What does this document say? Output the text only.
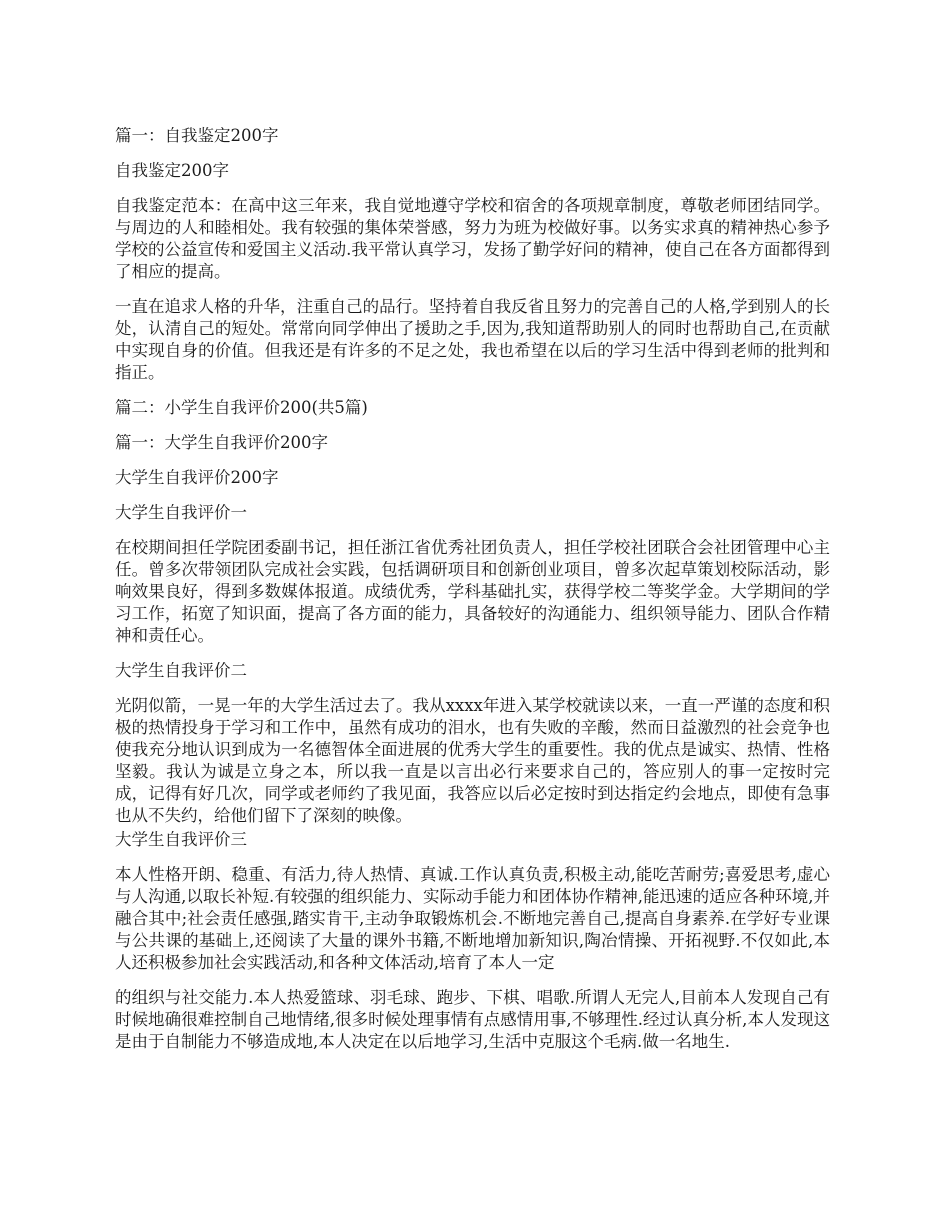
篇一：自我鉴定200字

自我鉴定200字

自我鉴定范本：在高中这三年来，我自觉地遵守学校和宿舍的各项规章制度，尊敬老师团结同学。与周边的人和睦相处。我有较强的集体荣誉感，努力为班为校做好事。以务实求真的精神热心参予学校的公益宣传和爱国主义活动.我平常认真学习，发扬了勤学好问的精神，使自己在各方面都得到了相应的提高。

一直在追求人格的升华，注重自己的品行。坚持着自我反省且努力的完善自己的人格,学到别人的长处，认清自己的短处。常常向同学伸出了援助之手,因为,我知道帮助别人的同时也帮助自己,在贡献中实现自身的价值。但我还是有许多的不足之处，我也希望在以后的学习生活中得到老师的批判和指正。

篇二：小学生自我评价200(共5篇)

篇一：大学生自我评价200字

大学生自我评价200字

大学生自我评价一

在校期间担任学院团委副书记，担任浙江省优秀社团负责人，担任学校社团联合会社团管理中心主任。曾多次带领团队完成社会实践，包括调研项目和创新创业项目，曾多次起草策划校际活动，影响效果良好，得到多数媒体报道。成绩优秀，学科基础扎实，获得学校二等奖学金。大学期间的学习工作，拓宽了知识面，提高了各方面的能力，具备较好的沟通能力、组织领导能力、团队合作精神和责任心。

大学生自我评价二

光阴似箭，一晃一年的大学生活过去了。我从xxxx年进入某学校就读以来，一直一严谨的态度和积极的热情投身于学习和工作中，虽然有成功的泪水，也有失败的辛酸，然而日益激烈的社会竞争也使我充分地认识到成为一名德智体全面进展的优秀大学生的重要性。我的优点是诚实、热情、性格坚毅。我认为诚是立身之本，所以我一直是以言出必行来要求自己的，答应别人的事一定按时完成，记得有好几次，同学或老师约了我见面，我答应以后必定按时到达指定约会地点，即使有急事也从不失约，给他们留下了深刻的映像。

大学生自我评价三

本人性格开朗、稳重、有活力,待人热情、真诚.工作认真负责,积极主动,能吃苦耐劳;喜爱思考,虚心与人沟通,以取长补短.有较强的组织能力、实际动手能力和团体协作精神,能迅速的适应各种环境,并融合其中;社会责任感强,踏实肯干,主动争取锻炼机会.不断地完善自己,提高自身素养.在学好专业课与公共课的基础上,还阅读了大量的课外书籍,不断地增加新知识,陶冶情操、开拓视野.不仅如此,本人还积极参加社会实践活动,和各种文体活动,培育了本人一定

的组织与社交能力.本人热爱篮球、羽毛球、跑步、下棋、唱歌.所谓人无完人,目前本人发现自己有时候地确很难控制自己地情绪,很多时候处理事情有点感情用事,不够理性.经过认真分析,本人发现这是由于自制能力不够造成地,本人决定在以后地学习,生活中克服这个毛病.做一名地生.
